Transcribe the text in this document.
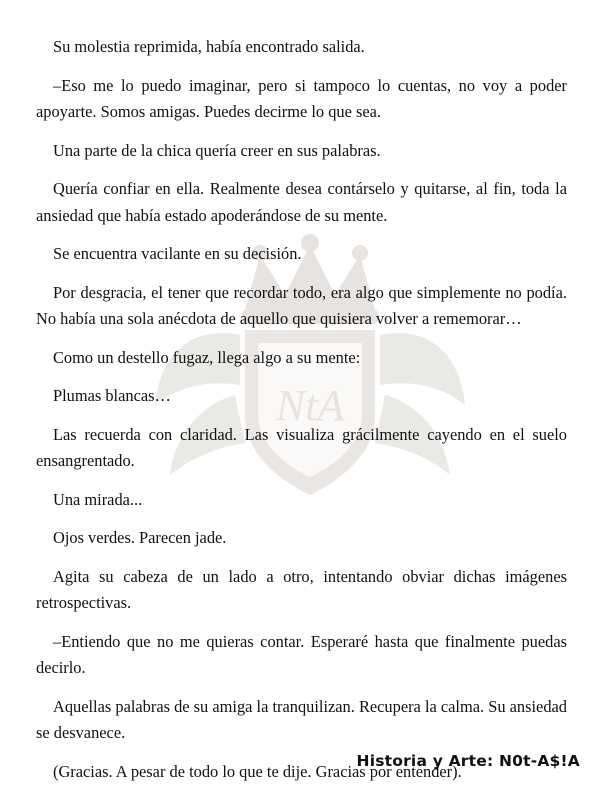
NtA

Su molestia reprimida, había encontrado salida.

–Eso me lo puedo imaginar, pero si tampoco lo cuentas, no voy a poder apoyarte. Somos amigas. Puedes decirme lo que sea.

Una parte de la chica quería creer en sus palabras.

Quería confiar en ella. Realmente desea contárselo y quitarse, al fin, toda la ansiedad que había estado apoderándose de su mente.

Se encuentra vacilante en su decisión.

Por desgracia, el tener que recordar todo, era algo que simplemente no podía. No había una sola anécdota de aquello que quisiera volver a rememorar…

Como un destello fugaz, llega algo a su mente:

Plumas blancas…

Las recuerda con claridad. Las visualiza grácilmente cayendo en el suelo ensangrentado.

Una mirada...

Ojos verdes. Parecen jade.

Agita su cabeza de un lado a otro, intentando obviar dichas imágenes retrospectivas.

–Entiendo que no me quieras contar. Esperaré hasta que finalmente puedas decirlo.

Aquellas palabras de su amiga la tranquilizan. Recupera la calma. Su ansiedad se desvanece.

(Gracias. A pesar de todo lo que te dije. Gracias por entender).

Historia y Arte: N0t-A$!A
